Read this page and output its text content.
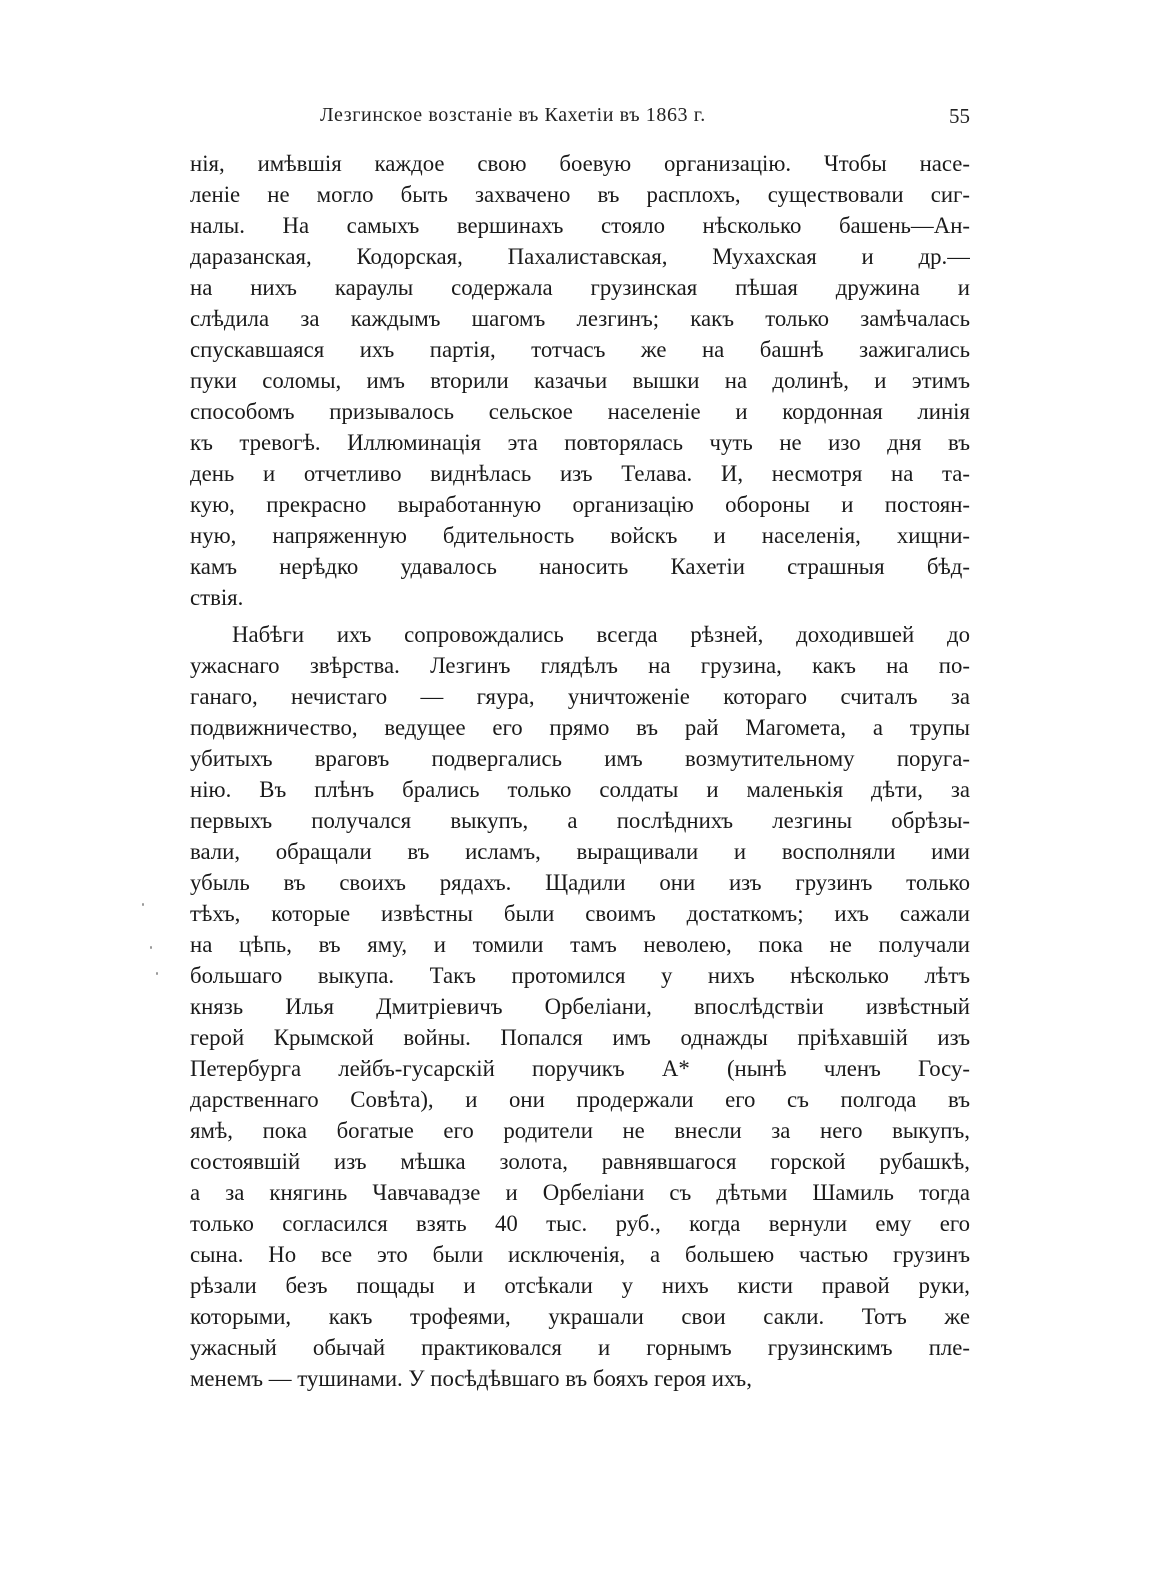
Лезгинское возстаніе въ Кахетіи въ 1863 г.	55
нія, имѣвшія каждое свою боевую организацію. Чтобы насе-
леніе не могло быть захвачено въ расплохъ, существовали сиг-
налы. На самыхъ вершинахъ стояло нѣсколько башень—Ан-
даразанская, Кодорская, Пахалиставская, Мухахская и др.—
на нихъ караулы содержала грузинская пѣшая дружина и
слѣдила за каждымъ шагомъ лезгинъ; какъ только замѣчалась
спускавшаяся ихъ партія, тотчасъ же на башнѣ зажигались
пуки соломы, имъ вторили казачьи вышки на долинѣ, и этимъ
способомъ призывалось сельское населеніе и кордонная линія
къ тревогѣ. Иллюминація эта повторялась чуть не изо дня въ
день и отчетливо виднѣлась изъ Телава. И, несмотря на та-
кую, прекрасно выработанную организацію обороны и постоян-
ную, напряженную бдительность войскъ и населенія, хищни-
камъ нерѣдко удавалось наносить Кахетіи страшныя бѣд-
ствія.
Набѣги ихъ сопровождались всегда рѣзней, доходившей до
ужаснаго звѣрства. Лезгинъ глядѣлъ на грузина, какъ на по-
ганаго, нечистаго — гяура, уничтоженіе котораго считалъ за
подвижничество, ведущее его прямо въ рай Магомета, а трупы
убитыхъ враговъ подвергались имъ возмутительному поруга-
нію. Въ плѣнъ брались только солдаты и маленькія дѣти, за
первыхъ получался выкупъ, а послѣднихъ лезгины обрѣзы-
вали, обращали въ исламъ, выращивали и восполняли ими
убыль въ своихъ рядахъ. Щадили они изъ грузинъ только
тѣхъ, которые извѣстны были своимъ достаткомъ; ихъ сажали
на цѣпь, въ яму, и томили тамъ неволею, пока не получали
большаго выкупа. Такъ протомился у нихъ нѣсколько лѣтъ
князь Илья Дмитріевичъ Орбеліани, впослѣдствіи извѣстный
герой Крымской войны. Попался имъ однажды пріѣхавшій изъ
Петербурга лейбъ-гусарскій поручикъ А* (нынѣ членъ Госу-
дарственнаго Совѣта), и они продержали его съ полгода въ
ямѣ, пока богатые его родители не внесли за него выкупъ,
состоявшій изъ мѣшка золота, равнявшагося горской рубашкѣ,
а за княгинь Чавчавадзе и Орбеліани съ дѣтьми Шамиль тогда
только согласился взять 40 тыс. руб., когда вернули ему его
сына. Но все это были исключенія, а большею частью грузинъ
рѣзали безъ пощады и отсѣкали у нихъ кисти правой руки,
которыми, какъ трофеями, украшали свои сакли. Тотъ же
ужасный обычай практиковался и горнымъ грузинскимъ пле-
менемъ — тушинами. У посѣдѣвшаго въ бояхъ героя ихъ,
